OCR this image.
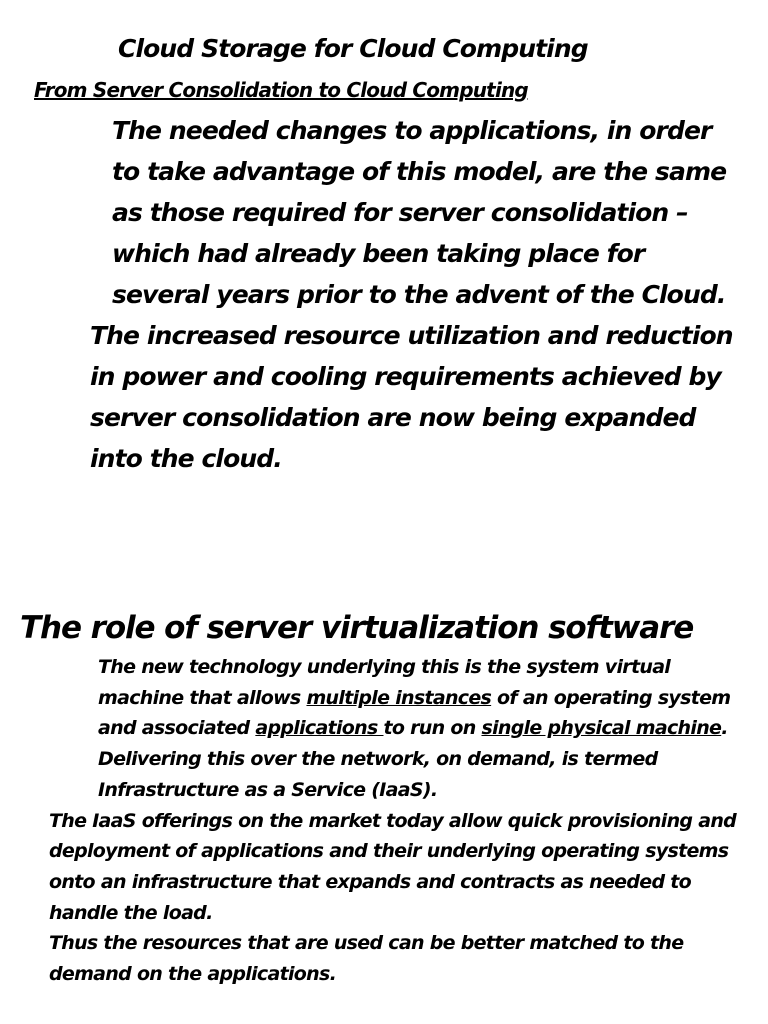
Cloud Storage for Cloud Computing
From Server Consolidation to Cloud Computing

The needed changes to applications, in order to take advantage of this model, are the same as those required for server consolidation – which had already been taking place for several years prior to the advent of the Cloud.

The increased resource utilization and reduction in power and cooling requirements achieved by server consolidation are now being expanded into the cloud.

The role of server virtualization software

The new technology underlying this is the system virtual machine that allows multiple instances of an operating system and associated applications to run on single physical machine. Delivering this over the network, on demand, is termed Infrastructure as a Service (IaaS).

The IaaS offerings on the market today allow quick provisioning and deployment of applications and their underlying operating systems onto an infrastructure that expands and contracts as needed to handle the load.

Thus the resources that are used can be better matched to the demand on the applications.
